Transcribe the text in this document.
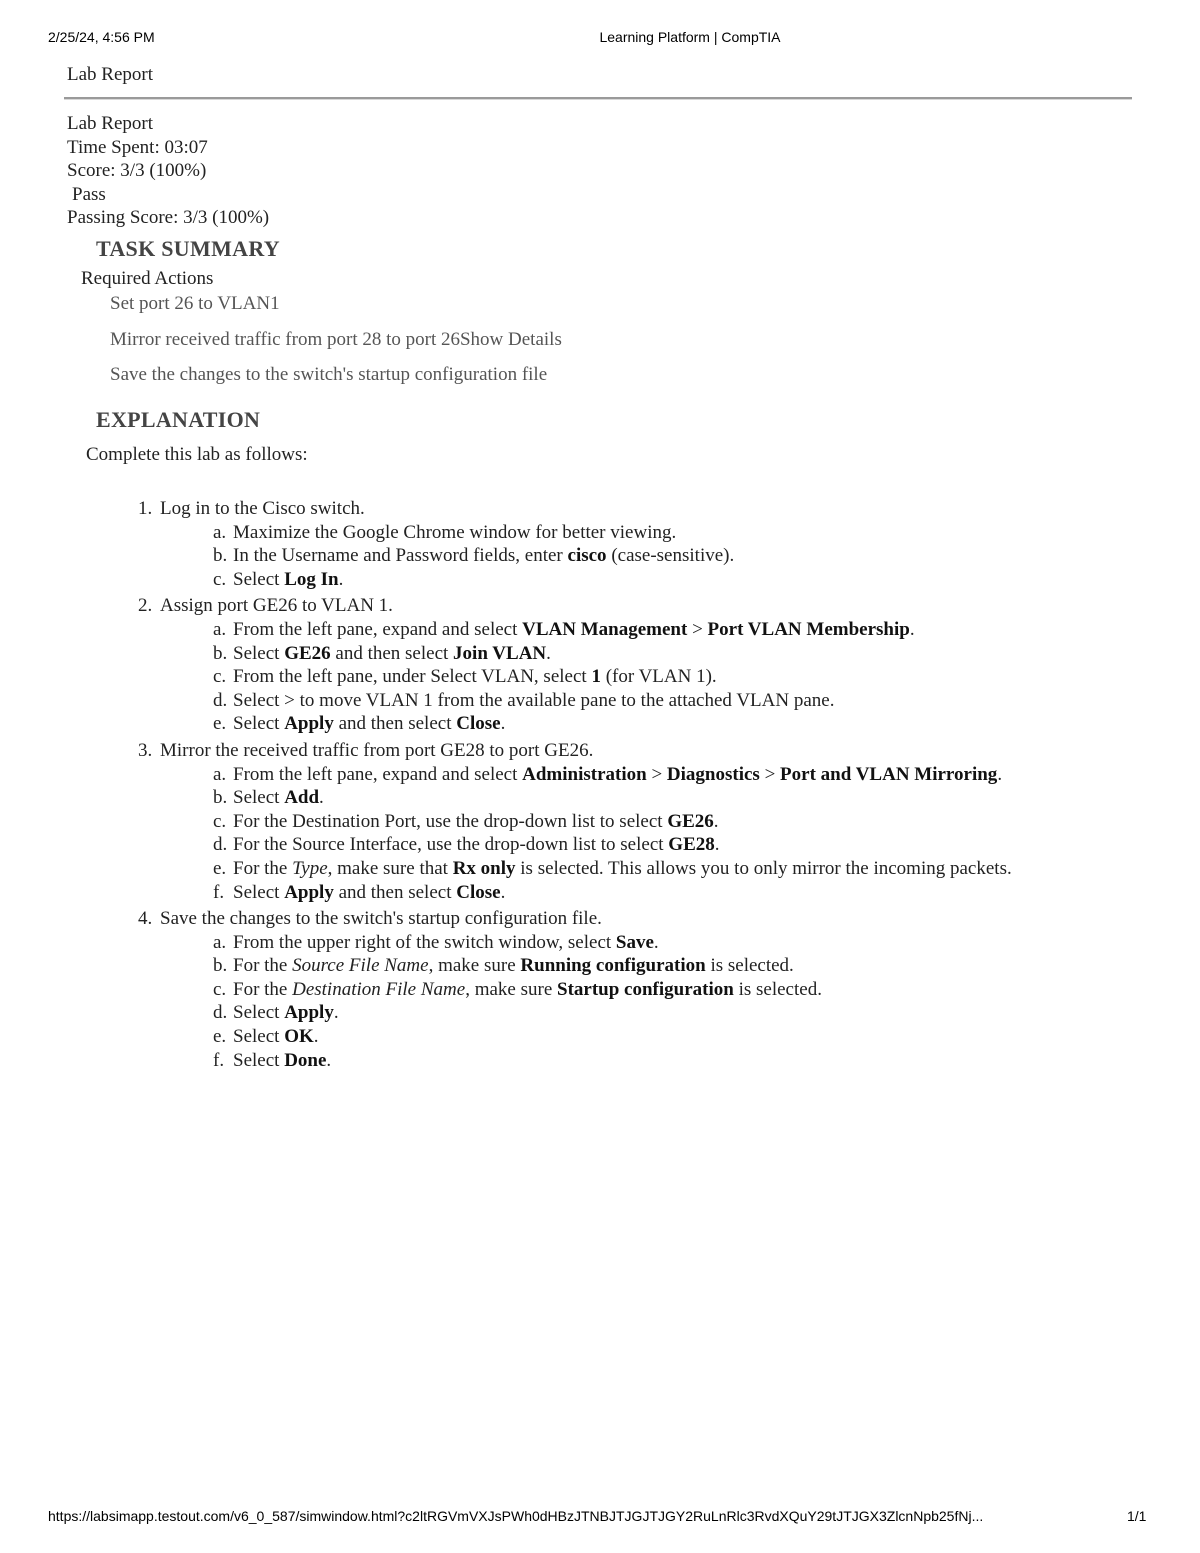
2/25/24, 4:56 PM	Learning Platform | CompTIA
Lab Report
Lab Report
Time Spent: 03:07
Score: 3/3 (100%)
Pass
Passing Score: 3/3 (100%)
TASK SUMMARY
Required Actions
Set port 26 to VLAN1
Mirror received traffic from port 28 to port 26Show Details
Save the changes to the switch's startup configuration file
EXPLANATION
Complete this lab as follows:
1. Log in to the Cisco switch.
a. Maximize the Google Chrome window for better viewing.
b. In the Username and Password fields, enter cisco (case-sensitive).
c. Select Log In.
2. Assign port GE26 to VLAN 1.
a. From the left pane, expand and select VLAN Management > Port VLAN Membership.
b. Select GE26 and then select Join VLAN.
c. From the left pane, under Select VLAN, select 1 (for VLAN 1).
d. Select > to move VLAN 1 from the available pane to the attached VLAN pane.
e. Select Apply and then select Close.
3. Mirror the received traffic from port GE28 to port GE26.
a. From the left pane, expand and select Administration > Diagnostics > Port and VLAN Mirroring.
b. Select Add.
c. For the Destination Port, use the drop-down list to select GE26.
d. For the Source Interface, use the drop-down list to select GE28.
e. For the Type, make sure that Rx only is selected. This allows you to only mirror the incoming packets.
f. Select Apply and then select Close.
4. Save the changes to the switch's startup configuration file.
a. From the upper right of the switch window, select Save.
b. For the Source File Name, make sure Running configuration is selected.
c. For the Destination File Name, make sure Startup configuration is selected.
d. Select Apply.
e. Select OK.
f. Select Done.
https://labsimapp.testout.com/v6_0_587/simwindow.html?c2ltRGVmVXJsPWh0dHBzJTNBJTJGJTJGY2RuLnRlc3RvdXQuY29tJTJGX3ZlcnNpb25fNj...	1/1
